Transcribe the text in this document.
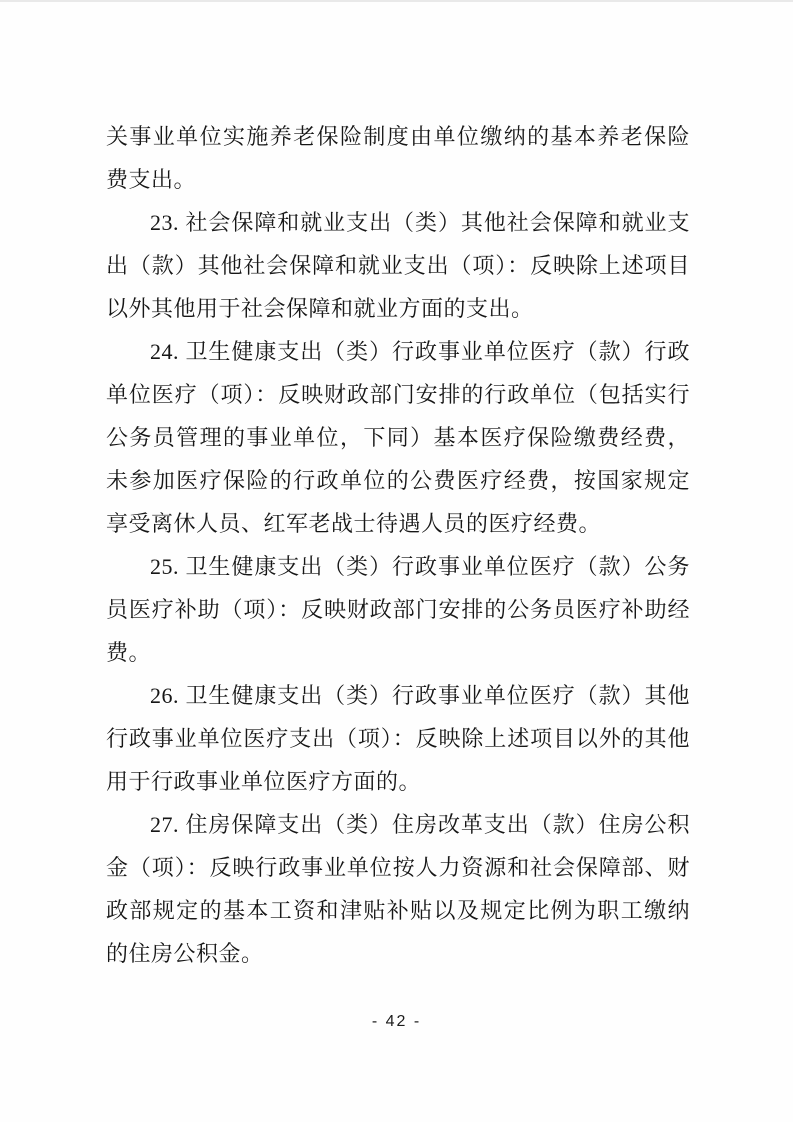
关事业单位实施养老保险制度由单位缴纳的基本养老保险费支出。

23. 社会保障和就业支出（类）其他社会保障和就业支出（款）其他社会保障和就业支出（项）：反映除上述项目以外其他用于社会保障和就业方面的支出。

24. 卫生健康支出（类）行政事业单位医疗（款）行政单位医疗（项）：反映财政部门安排的行政单位（包括实行公务员管理的事业单位，下同）基本医疗保险缴费经费，未参加医疗保险的行政单位的公费医疗经费，按国家规定享受离休人员、红军老战士待遇人员的医疗经费。

25. 卫生健康支出（类）行政事业单位医疗（款）公务员医疗补助（项）：反映财政部门安排的公务员医疗补助经费。

26. 卫生健康支出（类）行政事业单位医疗（款）其他行政事业单位医疗支出（项）：反映除上述项目以外的其他用于行政事业单位医疗方面的。

27. 住房保障支出（类）住房改革支出（款）住房公积金（项）：反映行政事业单位按人力资源和社会保障部、财政部规定的基本工资和津贴补贴以及规定比例为职工缴纳的住房公积金。

- 42 -
